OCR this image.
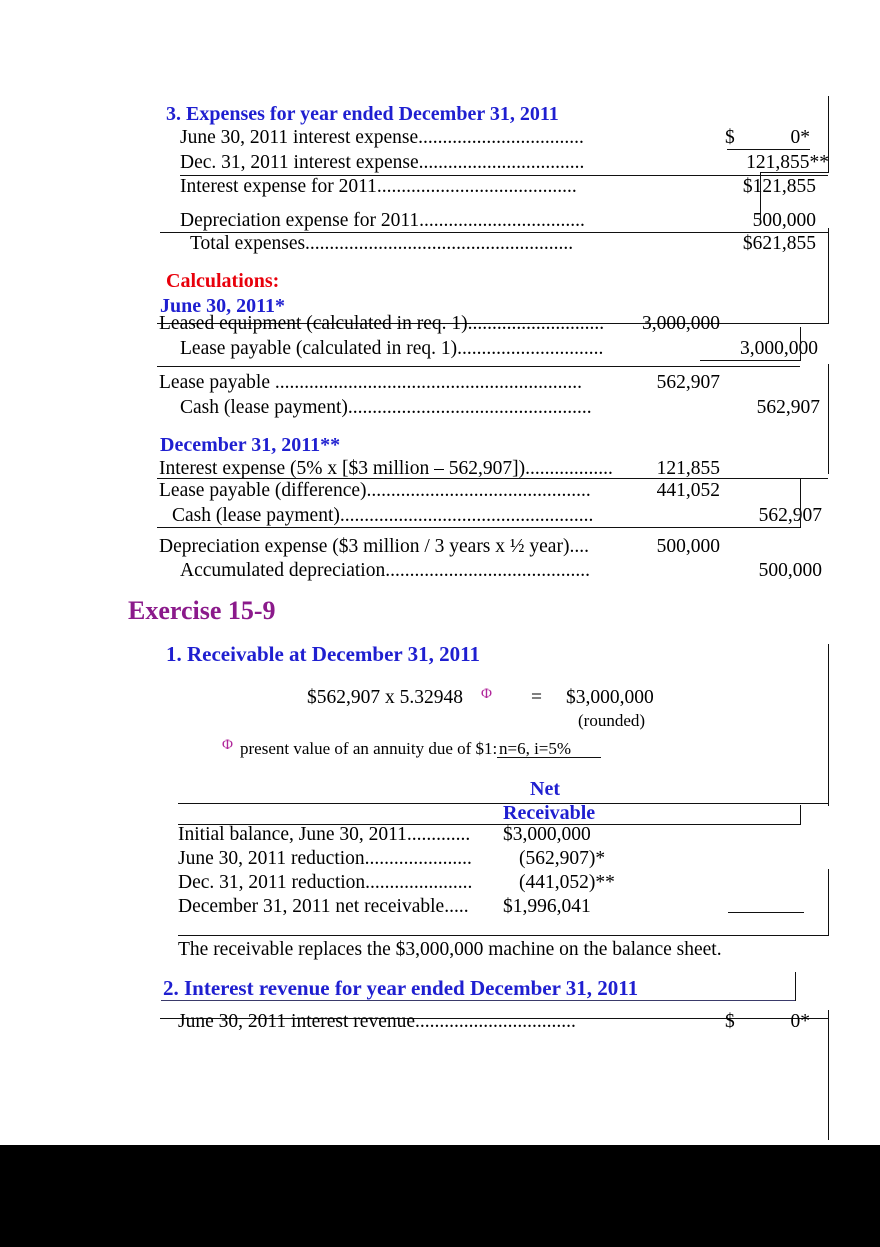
3. Expenses for year ended December 31, 2011
June 30, 2011 interest expense..................................	$	0*
Dec. 31, 2011 interest expense..................................	121,855**
Interest expense for 2011.........................................	$121,855
Depreciation expense for 2011..................................	500,000
Total expenses.......................................................	$621,855
Calculations:
June 30, 2011*
Leased equipment (calculated in req. 1)............................	3,000,000
Lease payable (calculated in req. 1)..............................	3,000,000
Lease payable ...............................................................	562,907
Cash (lease payment)..................................................	562,907
December 31, 2011**
Interest expense (5% x [$3 million – 562,907])..................	121,855
Lease payable (difference)..............................................	441,052
Cash (lease payment)....................................................	562,907
Depreciation expense ($3 million / 3 years x ½ year)....	500,000
Accumulated depreciation..........................................	500,000
Exercise 15-9
1. Receivable at December 31, 2011
$562,907 x 5.32948 Φ = $3,000,000
(rounded)
Φ present value of an annuity due of $1: n=6, i=5%
Net
Receivable
Initial balance, June 30, 2011............. $3,000,000
June 30, 2011 reduction...................... (562,907)*
Dec. 31, 2011 reduction...................... (441,052)**
December 31, 2011 net receivable..... $1,996,041
The receivable replaces the $3,000,000 machine on the balance sheet.
2. Interest revenue for year ended December 31, 2011
June 30, 2011 interest revenue.................................	$	0*
